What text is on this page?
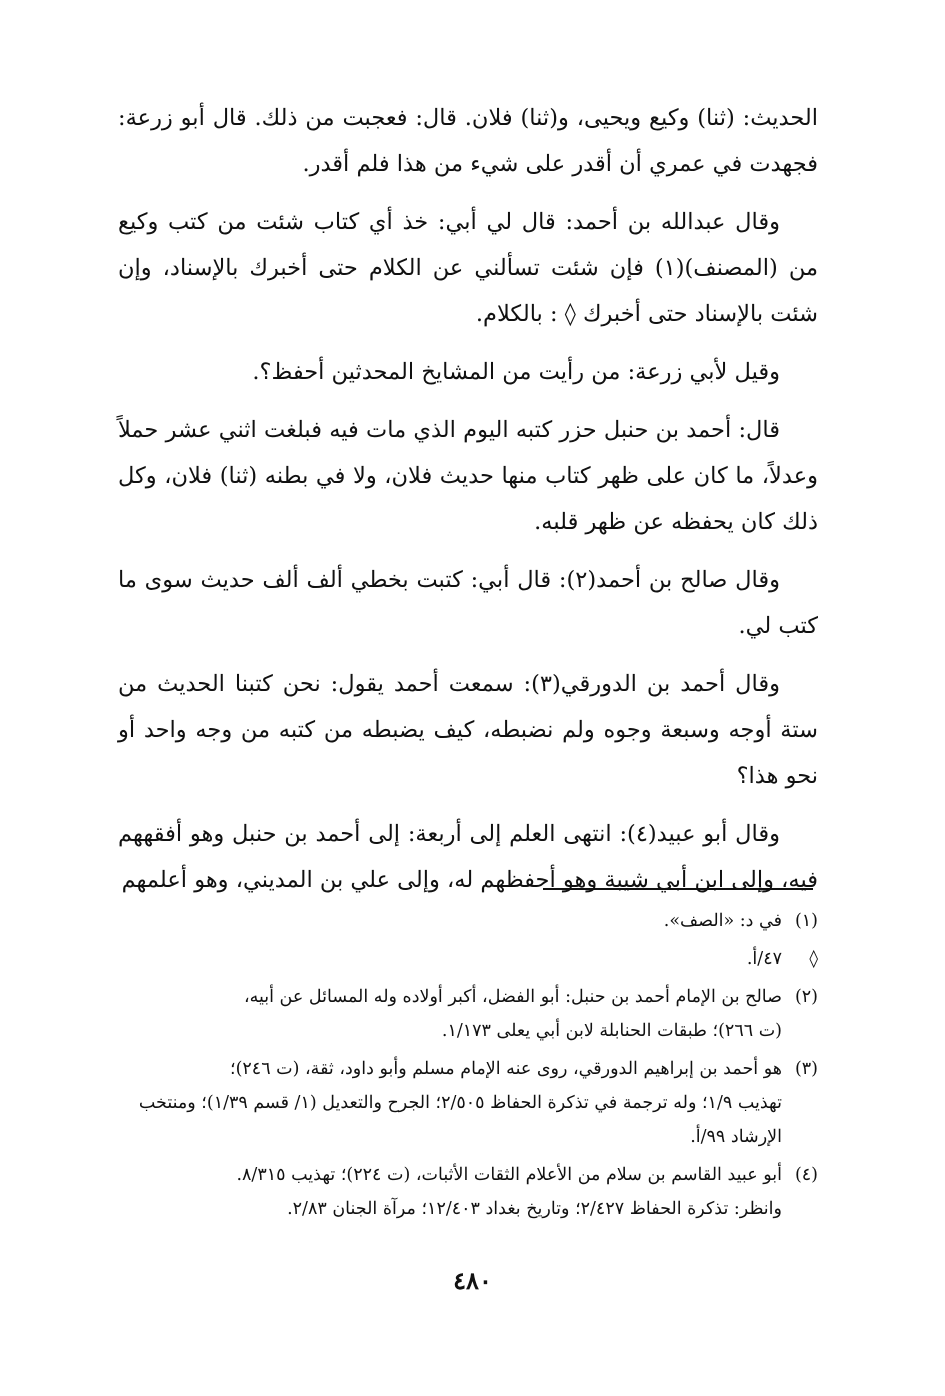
الحديث: (ثنا) وكيع ويحيى، و(ثنا) فلان. قال: فعجبت من ذلك. قال أبو زرعة: فجهدت في عمري أن أقدر على شيء من هذا فلم أقدر.

وقال عبدالله بن أحمد: قال لي أبي: خذ أي كتاب شئت من كتب وكيع من (المصنف)(١) فإن شئت تسألني عن الكلام حتى أخبرك بالإسناد، وإن شئت بالإسناد حتى أخبرك ◊ : بالكلام.

وقيل لأبي زرعة: من رأيت من المشايخ المحدثين أحفظ؟.

قال: أحمد بن حنبل حزر كتبه اليوم الذي مات فيه فبلغت اثني عشر حملاً وعدلاً، ما كان على ظهر كتاب منها حديث فلان، ولا في بطنه (ثنا) فلان، وكل ذلك كان يحفظه عن ظهر قلبه.

وقال صالح بن أحمد(٢): قال أبي: كتبت بخطي ألف ألف حديث سوى ما كتب لي.

وقال أحمد بن الدورقي(٣): سمعت أحمد يقول: نحن كتبنا الحديث من ستة أوجه وسبعة وجوه ولم نضبطه، كيف يضبطه من كتبه من وجه واحد أو نحو هذا؟

وقال أبو عبيد(٤): انتهى العلم إلى أربعة: إلى أحمد بن حنبل وهو أفقههم فيه، وإلى ابن أبي شيبة وهو أحفظهم له، وإلى علي بن المديني، وهو أعلمهم

(١)في د: «الصف».
◊٤٧/أ.
(٢)صالح بن الإمام أحمد بن حنبل: أبو الفضل، أكبر أولاده وله المسائل عن أبيه،
(ت ٢٦٦)؛ طبقات الحنابلة لابن أبي يعلى ١/١٧٣.
(٣)هو أحمد بن إبراهيم الدورقي، روى عنه الإمام مسلم وأبو داود، ثقة، (ت ٢٤٦)؛
تهذيب ١/٩؛ وله ترجمة في تذكرة الحفاظ ٢/٥٠٥؛ الجرح والتعديل (١/ قسم ١/٣٩)؛ ومنتخب الإرشاد ٩٩/أ.
(٤)أبو عبيد القاسم بن سلام من الأعلام الثقات الأثبات، (ت ٢٢٤)؛ تهذيب ٨/٣١٥.
وانظر: تذكرة الحفاظ ٢/٤٢٧؛ وتاريخ بغداد ١٢/٤٠٣؛ مرآة الجنان ٢/٨٣.
٤٨٠
